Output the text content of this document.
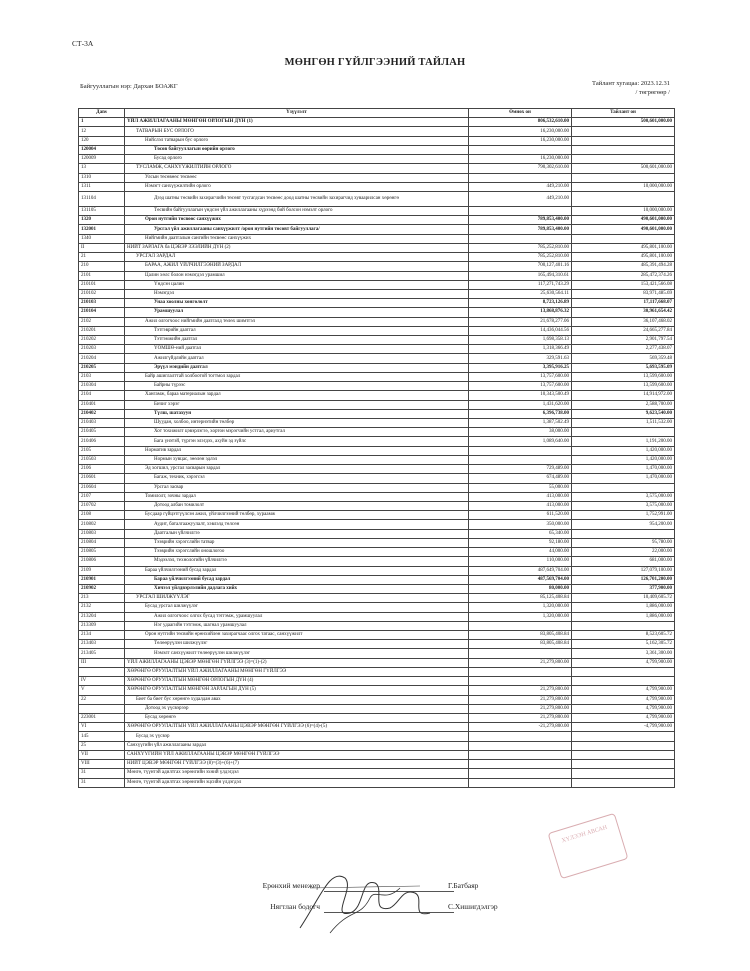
СТ-3А
МӨНГӨН ГҮЙЛГЭЭНИЙ ТАЙЛАН
Байгууллагын нэр: Дархан БОАЖГ	Тайлант хугацаа: 2023.12.31
/ төгрөгөөр /
Дans	Үзүүлэлт	Өмнөх он	Тайлант он
1	ҮЙЛ АЖИЛЛАГААНЫ МӨНГӨН ОРЛОГЫН ДҮН (1)	806,532,610.00	500,601,000.00
12	ТАТВАРЫН БУС ОРЛОГО	16,230,000.00	
120	Нийслэл татварын бус орлого	16,230,000.00	
120004	Төсөв байгууллагын өөрийн орлого		
120009	Бусад орлого	16,230,000.00	
13	ТУСЛАМЖ, САНХҮҮЖИЛТИЙН ОРЛОГО	790,302,610.00	500,601,000.00
1310	Улсын төсөвөөс төсвөөс		
1311	Нэмэгт санхүүжилтийн орлого	449,210.00	10,000,000.00
131104	Дээд шатны төсвийн захирагчийн төсөвт тусгагдсан төсвөөс доод шатны төсвийн захирагчид хуваарилсан хөрөнгө	449,210.00	
131105	Төсвийн байгууллагын үндсэн үйл ажиллагааны хүрээнд бий болсон нэмэлт орлого		10,000,000.00
1320	Орон нутгийн төсвөөс санхүүжих	789,853,400.00	490,601,000.00
132001	Урсгал үйл ажиллагааны санхүүжилт /орон нутгийн төсөвт байгууллага/	789,853,400.00	490,601,000.00
1340	Нийгмийн даатгалын сангийн төсвөөс санхүүжих		
II	НИЙТ ЗАРЛАГА ба ЦЭВЭР ЗЭЭЛИЙН ДҮН (2)	785,252,810.00	495,801,100.00
21	УРСГАЛ ЗАРДАЛ	785,252,810.00	495,801,100.00
210	БАРАА, АЖИЛ ҮЙЛЧИЛГЭЭНИЙ ЗАРДАЛ	700,127,401.16	485,391,494.28
2101	Цалин хөлс болон нэмэгдэл урамшил	165,494,310.61	285,472,374.26
210101	Үндсэн цалин	117,271,743.29	153,421,566.08
210102	Нэмэгдэл	25,630,564.11	83,971,485.69
210103	Унаа хоолны хөнгөлөлт	8,723,126.89	17,117,668.07
210104	Урамшуулал	13,868,876.32	30,961,654.42
2102	Ажил олгогчоос нийгмийн даатгалд төлөх шимтгэл	21,678,277.06	36,107,468.02
210201	Тэтгэврийн даатгал	14,436,044.56	24,665,277.84
210202	Тэтгэмжийн даатгал	1,698,358.13	2,901,797.54
210203	ҮОМШӨ-ний даатгал	1,318,366.49	2,277,438.07
210204	Ажилгүйдлийн даатгал	329,591.63	569,359.48
210205	Эрүүл мэндийн даатгал	3,395,916.25	5,693,595.09
2103	Байр ашиглалттай холбоотой тогтмол зардал	13,757,600.00	13,599,600.00
210304	Байрны түрээс	13,757,600.00	13,599,600.00
2104	Хангамж, бараа материалын зардал	10,343,500.49	14,914,972.00
210401	Бичиг хэрэг	1,431,620.00	2,588,700.00
210402	Түлш, шатахуун	6,396,738.00	9,623,540.00
210403	Шуудан, холбоо, интернэтийн төлбөр	1,387,502.49	1,511,532.00
210405	Хот тохижилт цэвэрлэгээ, хортон мэрэгчийн устгал, ариутгал	38,000.00	
210406	Бага үнэтэй, түргэн элэгдэх, ахуйн эд зүйлс	1,089,640.00	1,191,200.00
2105	Норматив зардал		1,420,000.00
210503	Нормын хувцас, зөөлөн эдлэл		1,420,000.00
2106	Эд хогшил, урсгал засварын зардал	729,489.00	1,470,000.00
210601	Багаж, техник, хэрэгсэл	674,489.00	1,470,000.00
210604	Урсгал засвар	55,000.00	
2107	Томилолт, зочны зардал	413,000.00	3,575,000.00
210702	Дотоод албан томилолт	413,000.00	3,575,000.00
2108	Бусдаар гүйцэтгүүлсэн ажил, үйлчилгээний төлбөр, хураамж	611,520.00	1,752,991.00
210802	Аудит, баталгаажуулалт, хэвлэлд төлсөн	350,000.00	954,200.00
210803	Даатгалын үйлчилгээ	65,340.00	
210804	Тээврийн хэрэгслийн татвар	92,180.00	95,780.00
210805	Тээврийн хэрэгслийн оношлогоо	44,000.00	22,000.00
210806	Мэдээлэл, технологийн үйлчилгээ	110,000.00	681,000.00
2109	Бараа үйлчилгээний бусад зардал	487,649,704.00	127,079,100.00
210901	Бараа үйлчилгээний бусад зардал	487,569,704.00	126,701,200.00
210902	Хичээл үйлдвэрлэлийн дадлага хийх	80,000.00	377,900.00
213	УРСГАЛ ШИЛЖҮҮЛЭГ	85,125,408.84	10,409,605.72
2132	Бусад урсгал шилжүүлэг	1,320,000.00	1,886,000.00
213204	Ажил олгогчоос олгох бусад тэтгэмж, урамшуулал	1,320,000.00	1,886,000.00
213309	Нэг удаагийн тэтгэмж, шагнал урамшуулал		
2134	Орон нутгийн төсвийн өрөнхийлөн захирагчаас олгох татаас, санхүүжилт	83,805,408.84	8,523,605.72
213403	Төлөөрүүлэн шилжүүлэг	83,805,408.84	5,162,305.72
213405	Нэмэлт санхүүжилт төлөөрүүлэн шилжүүлэг		3,361,300.00
III	ҮЙЛ АЖИЛЛАГААНЫ ЦЭВЭР МӨНГӨН ГҮЙЛГЭЭ (3)=(1)-(2)	21,279,800.00	4,799,900.00
	ХӨРӨНГӨ ОРУУЛАЛТЫН ҮЙЛ АЖИЛЛАГААНЫ МӨНГӨН ГҮЙЛГЭЭ		
IV	ХӨРӨНГӨ ОРУУЛАЛТЫН МӨНГӨН ОРЛОГЫН ДҮН (4)		
V	ХӨРӨНГӨ ОРУУЛАЛТЫН МӨНГӨН ЗАРЛАГЫН ДҮН (5)	21,279,800.00	4,799,900.00
22	Биет ба биет бус хөрөнгө худалдан авах	21,279,800.00	4,799,900.00
	Дотоод эх үүсвэрээр	21,279,800.00	4,799,900.00
223001	Бусад хөрөнгө	21,279,800.00	4,799,900.00
VI	ХӨРӨНГӨ ОРУУЛАЛТЫН ҮЙЛ АЖИЛЛАГААНЫ ЦЭВЭР МӨНГӨН ГҮЙЛГЭЭ (6)=(4)-(5)	-21,279,800.00	-4,799,900.00
145	Бусад эх үүсвэр		
25	Санхүүгийн үйл ажиллагааны зардал		
VII	САНХҮҮГИЙН ҮЙЛ АЖИЛЛАГААНЫ ЦЭВЭР МӨНГӨН ГҮЙЛГЭЭ		
VIII	НИЙТ ЦЭВЭР МӨНГӨН ГҮЙЛГЭЭ (8)=(3)+(6)+(7)		
31	Мөнгө, түүнтэй адилтгах хөрөнгийн эхний үлдэгдэл		
31	Мөнгө, түүнтэй адилтгах хөрөнгийн эцсийн үлдэгдэл		
Ерөнхий менежер	Г.Батбаяр
Нягтлан бодогч	С.Хишигдэлгэр
ХҮЛЭЭН АВСАН
